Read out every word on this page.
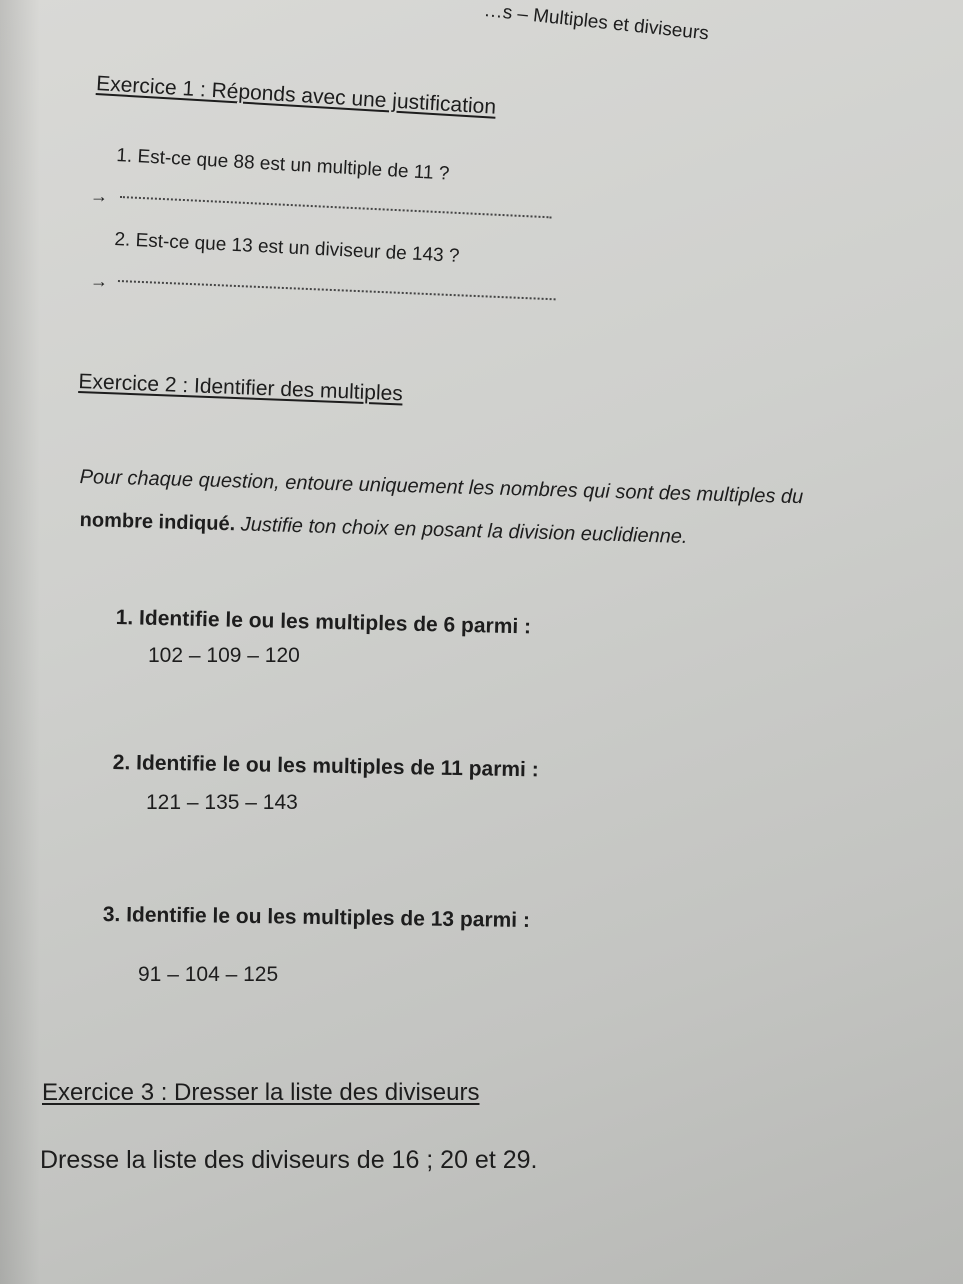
…s – Multiples et diviseurs
Exercice 1 : Réponds avec une justification
1. Est-ce que 88 est un multiple de 11 ?
→
2. Est-ce que 13 est un diviseur de 143 ?
→
Exercice 2 : Identifier des multiples
Pour chaque question, entoure uniquement les nombres qui sont des multiples du
nombre indiqué. Justifie ton choix en posant la division euclidienne.
1. Identifie le ou les multiples de 6 parmi :
102 – 109 – 120
2. Identifie le ou les multiples de 11 parmi :
121 – 135 – 143
3. Identifie le ou les multiples de 13 parmi :
91 – 104 – 125
Exercice 3 : Dresser la liste des diviseurs
Dresse la liste des diviseurs de 16 ; 20 et 29.
